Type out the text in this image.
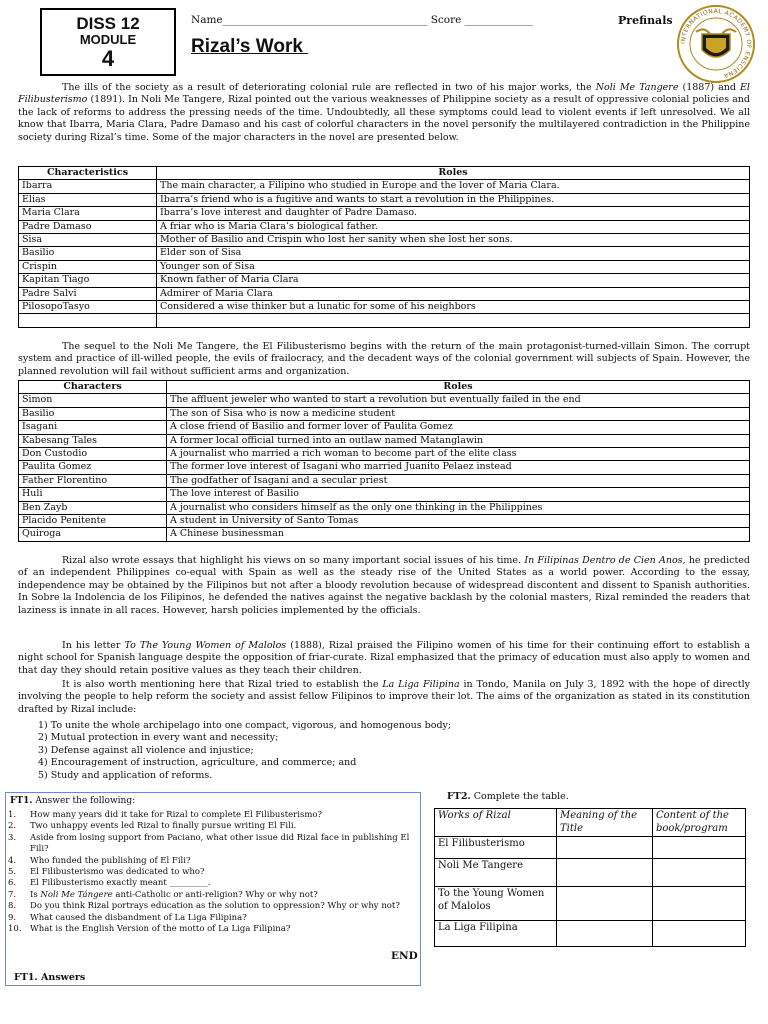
DISS 12
MODULE
4
Name_______________________________________ Score _____________	Prefinals
Rizal’s Work	INTERNATIONAL ACADEMY OF ENSCIENA
The ills of the society as a result of deteriorating colonial rule are reflected in two of his major works, the Noli Me Tangere (1887) and El Filibusterismo (1891). In Noli Me Tangere, Rizal pointed out the various weaknesses of Philippine society as a result of oppressive colonial policies and the lack of reforms to address the pressing needs of the time. Undoubtedly, all these symptoms could lead to violent events if left unresolved. We all know that Ibarra, Maria Clara, Padre Damaso and his cast of colorful characters in the novel personify the multilayered contradiction in the Philippine society during Rizal’s time. Some of the major characters in the novel are presented below.
Characteristics	Roles
Ibarra	The main character, a Filipino who studied in Europe and the lover of Maria Clara.
Elias	Ibarra’s friend who is a fugitive and wants to start a revolution in the Philippines.
Maria Clara	Ibarra’s love interest and daughter of Padre Damaso.
Padre Damaso	A friar who is Maria Clara’s biological father.
Sisa	Mother of Basilio and Crispin who lost her sanity when she lost her sons.
Basilio	Elder son of Sisa
Crispin	Younger son of Sisa
Kapitan Tiago	Known father of Maria Clara
Padre Salvi	Admirer of Maria Clara
PilosopoTasyo	Considered a wise thinker but a lunatic for some of his neighbors

The sequel to the Noli Me Tangere, the El Filibusterismo begins with the return of the main protagonist-turned-villain Simon. The corrupt system and practice of ill-willed people, the evils of frailocracy, and the decadent ways of the colonial government will subjects of Spain. However, the planned revolution will fail without sufficient arms and organization.
Characters	Roles
Simon	The affluent jeweler who wanted to start a revolution but eventually failed in the end
Basilio	The son of Sisa who is now a medicine student
Isagani	A close friend of Basilio and former lover of Paulita Gomez
Kabesang Tales	A former local official turned into an outlaw named Matanglawin
Don Custodio	A journalist who married a rich woman to become part of the elite class
Paulita Gomez	The former love interest of Isagani who married Juanito Pelaez instead
Father Florentino	The godfather of Isagani and a secular priest
Huli	The love interest of Basilio
Ben Zayb	A journalist who considers himself as the only one thinking in the Philippines
Placido Penitente	A student in University of Santo Tomas
Quiroga	A Chinese businessman
Rizal also wrote essays that highlight his views on so many important social issues of his time. In Filipinas Dentro de Cien Anos, he predicted of an independent Philippines co-equal with Spain as well as the steady rise of the United States as a world power. According to the essay, independence may be obtained by the Filipinos but not after a bloody revolution because of widespread discontent and dissent to Spanish authorities. In Sobre la Indolencia de los Filipinos, he defended the natives against the negative backlash by the colonial masters, Rizal reminded the readers that laziness is innate in all races. However, harsh policies implemented by the officials.
In his letter To The Young Women of Malolos (1888), Rizal praised the Filipino women of his time for their continuing effort to establish a night school for Spanish language despite the opposition of friar-curate. Rizal emphasized that the primacy of education must also apply to women and that day they should retain positive values as they teach their children.
It is also worth mentioning here that Rizal tried to establish the La Liga Filipina in Tondo, Manila on July 3, 1892 with the hope of directly involving the people to help reform the society and assist fellow Filipinos to improve their lot. The aims of the organization as stated in its constitution drafted by Rizal include:
1) To unite the whole archipelago into one compact, vigorous, and homogenous body;
2) Mutual protection in every want and necessity;
3) Defense against all violence and injustice;
4) Encouragement of instruction, agriculture, and commerce; and
5) Study and application of reforms.
FT1. Answer the following:
1. How many years did it take for Rizal to complete El Filibusterismo?
2. Two unhappy events led Rizal to finally pursue writing El Fili.
3. Aside from losing support from Paciano, what other issue did Rizal face in publishing El Fili?
4. Who funded the publishing of El Fili?
5. El Filibusterismo was dedicated to who?
6. El Filibusterismo exactly meant _________.
7. Is Noli Me Tángere anti-Catholic or anti-religion? Why or why not?
8. Do you think Rizal portrays education as the solution to oppression? Why or why not?
9. What caused the disbandment of La Liga Filipina?
10. What is the English Version of the motto of La Liga Filipina?
END
FT1. Answers
FT2. Complete the table.
Works of Rizal	Meaning of the Title	Content of the book/program
El Filibusterismo		
Noli Me Tangere		
To the Young Women of Malolos		
La Liga Filipina		
